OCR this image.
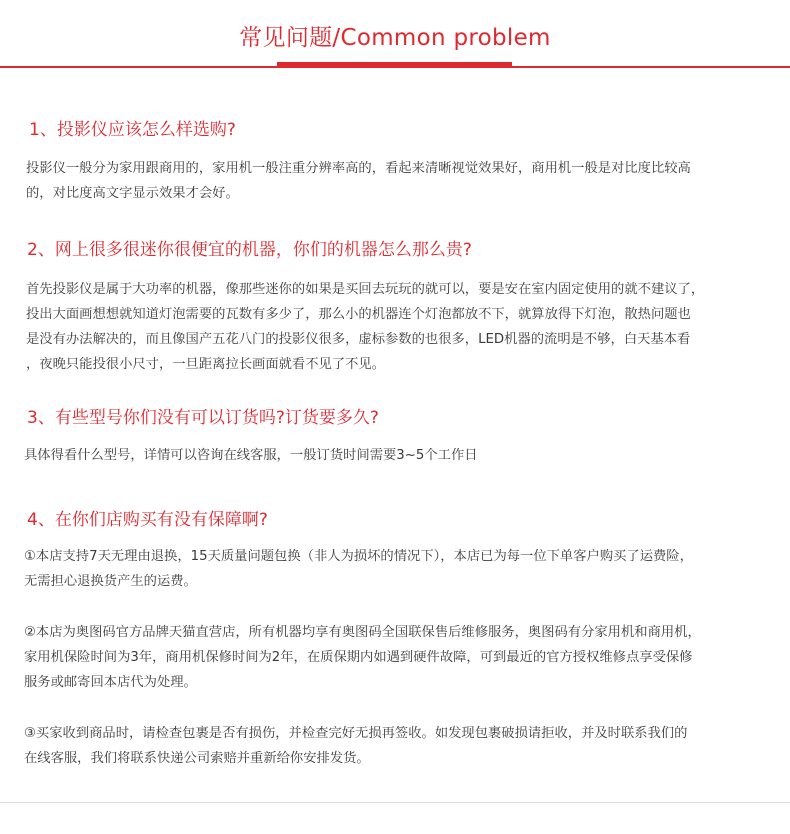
常见问题/Common problem
1、投影仪应该怎么样选购?

投影仪一般分为家用跟商用的，家用机一般注重分辨率高的，看起来清晰视觉效果好，商用机一般是对比度比较高

的，对比度高文字显示效果才会好。

2、网上很多很迷你很便宜的机器，你们的机器怎么那么贵?

首先投影仪是属于大功率的机器，像那些迷你的如果是买回去玩玩的就可以，要是安在室内固定使用的就不建议了，

投出大面画想想就知道灯泡需要的瓦数有多少了，那么小的机器连个灯泡都放不下，就算放得下灯泡，散热问题也

是没有办法解决的，而且像国产五花八门的投影仪很多，虚标参数的也很多，LED机器的流明是不够，白天基本看

，夜晚只能投很小尺寸，一旦距离拉长画面就看不见了不见。

3、有些型号你们没有可以订货吗?订货要多久?

具体得看什么型号，详情可以咨询在线客服，一般订货时间需要3~5个工作日

4、在你们店购买有没有保障啊?

①本店支持7天无理由退换，15天质量问题包换（非人为损坏的情况下），本店已为每一位下单客户购买了运费险，

无需担心退换货产生的运费。

②本店为奥图码官方品牌天猫直营店，所有机器均享有奥图码全国联保售后维修服务，奥图码有分家用机和商用机，

家用机保险时间为3年，商用机保修时间为2年，在质保期内如遇到硬件故障，可到最近的官方授权维修点享受保修

服务或邮寄回本店代为处理。

③买家收到商品时，请检查包裹是否有损伤，并检查完好无损再签收。如发现包裹破损请拒收，并及时联系我们的

在线客服，我们将联系快递公司索赔并重新给你安排发货。
